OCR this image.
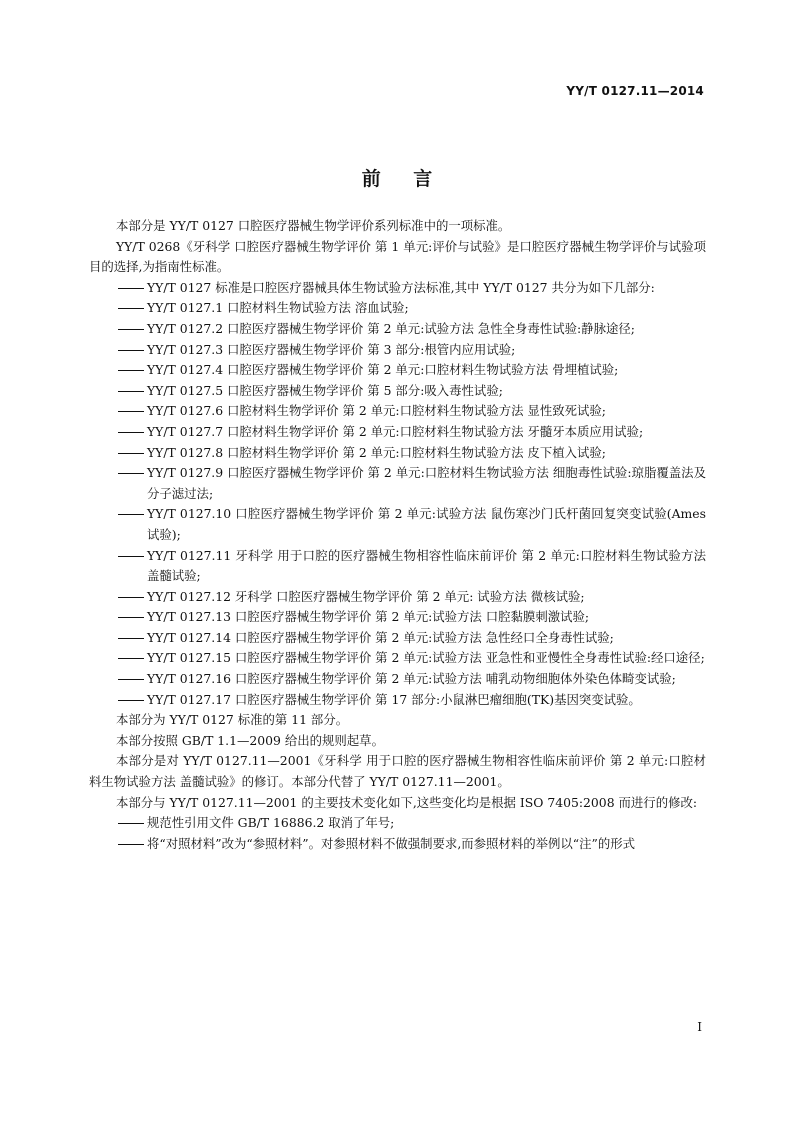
YY/T 0127.11—2014
前 言

本部分是 YY/T 0127 口腔医疗器械生物学评价系列标准中的一项标准。

YY/T 0268《牙科学 口腔医疗器械生物学评价 第 1 单元:评价与试验》是口腔医疗器械生物学评价与试验项目的选择,为指南性标准。

YY/T 0127 标准是口腔医疗器械具体生物试验方法标准,其中 YY/T 0127 共分为如下几部分:

YY/T 0127.1 口腔材料生物试验方法 溶血试验;

YY/T 0127.2 口腔医疗器械生物学评价 第 2 单元:试验方法 急性全身毒性试验:静脉途径;

YY/T 0127.3 口腔医疗器械生物学评价 第 3 部分:根管内应用试验;

YY/T 0127.4 口腔医疗器械生物学评价 第 2 单元:口腔材料生物试验方法 骨埋植试验;

YY/T 0127.5 口腔医疗器械生物学评价 第 5 部分:吸入毒性试验;

YY/T 0127.6 口腔材料生物学评价 第 2 单元:口腔材料生物试验方法 显性致死试验;

YY/T 0127.7 口腔材料生物学评价 第 2 单元:口腔材料生物试验方法 牙髓牙本质应用试验;

YY/T 0127.8 口腔材料生物学评价 第 2 单元:口腔材料生物试验方法 皮下植入试验;

YY/T 0127.9 口腔医疗器械生物学评价 第 2 单元:口腔材料生物试验方法 细胞毒性试验:琼脂覆盖法及分子滤过法;

YY/T 0127.10 口腔医疗器械生物学评价 第 2 单元:试验方法 鼠伤寒沙门氏杆菌回复突变试验(Ames 试验);

YY/T 0127.11 牙科学 用于口腔的医疗器械生物相容性临床前评价 第 2 单元:口腔材料生物试验方法 盖髓试验;

YY/T 0127.12 牙科学 口腔医疗器械生物学评价 第 2 单元: 试验方法 微核试验;

YY/T 0127.13 口腔医疗器械生物学评价 第 2 单元:试验方法 口腔黏膜刺激试验;

YY/T 0127.14 口腔医疗器械生物学评价 第 2 单元:试验方法 急性经口全身毒性试验;

YY/T 0127.15 口腔医疗器械生物学评价 第 2 单元:试验方法 亚急性和亚慢性全身毒性试验:经口途径;

YY/T 0127.16 口腔医疗器械生物学评价 第 2 单元:试验方法 哺乳动物细胞体外染色体畸变试验;

YY/T 0127.17 口腔医疗器械生物学评价 第 17 部分:小鼠淋巴瘤细胞(TK)基因突变试验。

本部分为 YY/T 0127 标准的第 11 部分。

本部分按照 GB/T 1.1—2009 给出的规则起草。

本部分是对 YY/T 0127.11—2001《牙科学 用于口腔的医疗器械生物相容性临床前评价 第 2 单元:口腔材料生物试验方法 盖髓试验》的修订。本部分代替了 YY/T 0127.11—2001。

本部分与 YY/T 0127.11—2001 的主要技术变化如下,这些变化均是根据 ISO 7405:2008 而进行的修改:

规范性引用文件 GB/T 16886.2 取消了年号;

将“对照材料”改为“参照材料”。对参照材料不做强制要求,而参照材料的举例以“注”的形式

I
